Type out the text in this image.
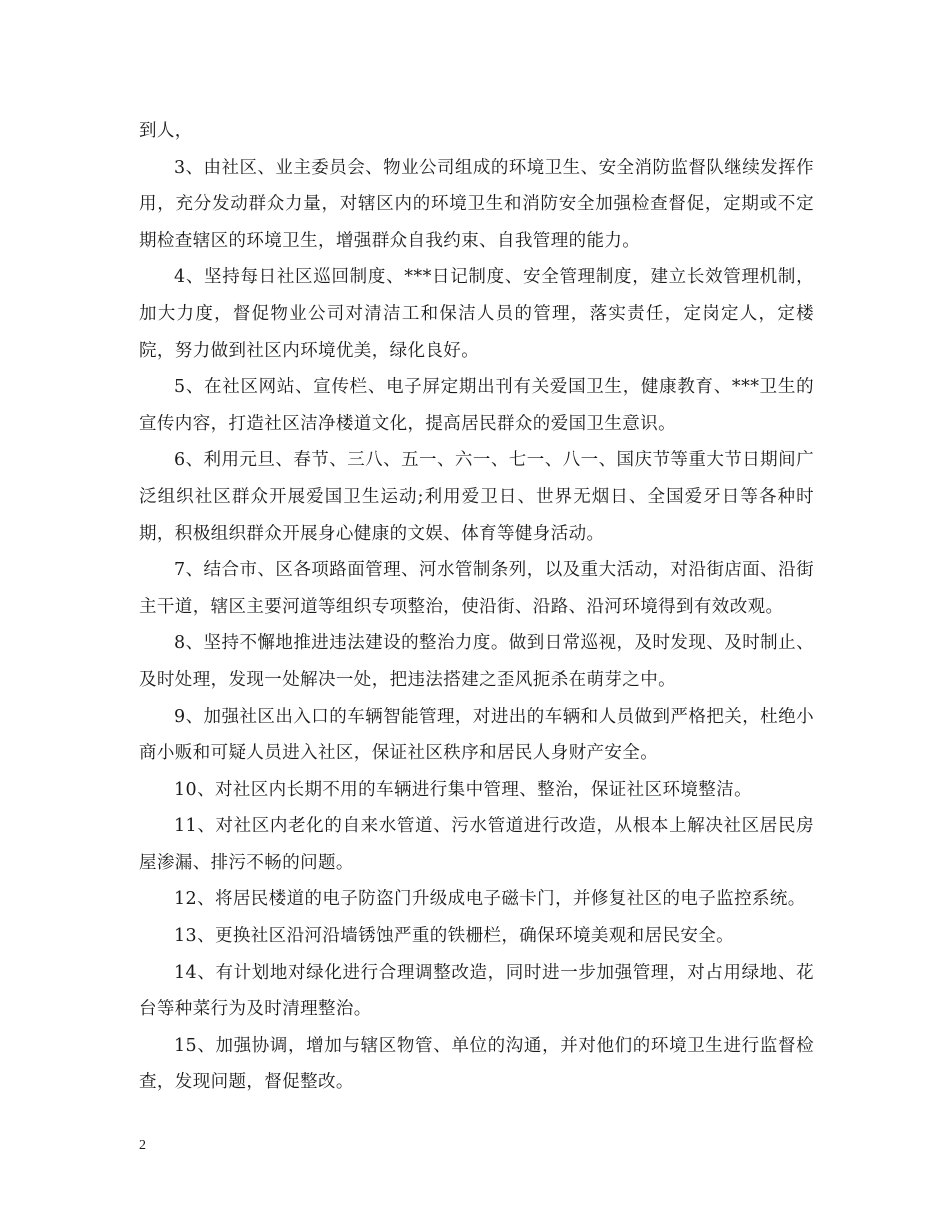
到人，

3、由社区、业主委员会、物业公司组成的环境卫生、安全消防监督队继续发挥作用，充分发动群众力量，对辖区内的环境卫生和消防安全加强检查督促，定期或不定期检查辖区的环境卫生，增强群众自我约束、自我管理的能力。

4、坚持每日社区巡回制度、***日记制度、安全管理制度，建立长效管理机制，加大力度，督促物业公司对清洁工和保洁人员的管理，落实责任，定岗定人，定楼院，努力做到社区内环境优美，绿化良好。

5、在社区网站、宣传栏、电子屏定期出刊有关爱国卫生，健康教育、***卫生的宣传内容，打造社区洁净楼道文化，提高居民群众的爱国卫生意识。

6、利用元旦、春节、三八、五一、六一、七一、八一、国庆节等重大节日期间广泛组织社区群众开展爱国卫生运动;利用爱卫日、世界无烟日、全国爱牙日等各种时期，积极组织群众开展身心健康的文娱、体育等健身活动。

7、结合市、区各项路面管理、河水管制条列，以及重大活动，对沿街店面、沿街主干道，辖区主要河道等组织专项整治，使沿街、沿路、沿河环境得到有效改观。

8、坚持不懈地推进违法建设的整治力度。做到日常巡视，及时发现、及时制止、及时处理，发现一处解决一处，把违法搭建之歪风扼杀在萌芽之中。

9、加强社区出入口的车辆智能管理，对进出的车辆和人员做到严格把关，杜绝小商小贩和可疑人员进入社区，保证社区秩序和居民人身财产安全。

10、对社区内长期不用的车辆进行集中管理、整治，保证社区环境整洁。

11、对社区内老化的自来水管道、污水管道进行改造，从根本上解决社区居民房屋渗漏、排污不畅的问题。

12、将居民楼道的电子防盗门升级成电子磁卡门，并修复社区的电子监控系统。

13、更换社区沿河沿墙锈蚀严重的铁栅栏，确保环境美观和居民安全。

14、有计划地对绿化进行合理调整改造，同时进一步加强管理，对占用绿地、花台等种菜行为及时清理整治。

15、加强协调，增加与辖区物管、单位的沟通，并对他们的环境卫生进行监督检查，发现问题，督促整改。

2
